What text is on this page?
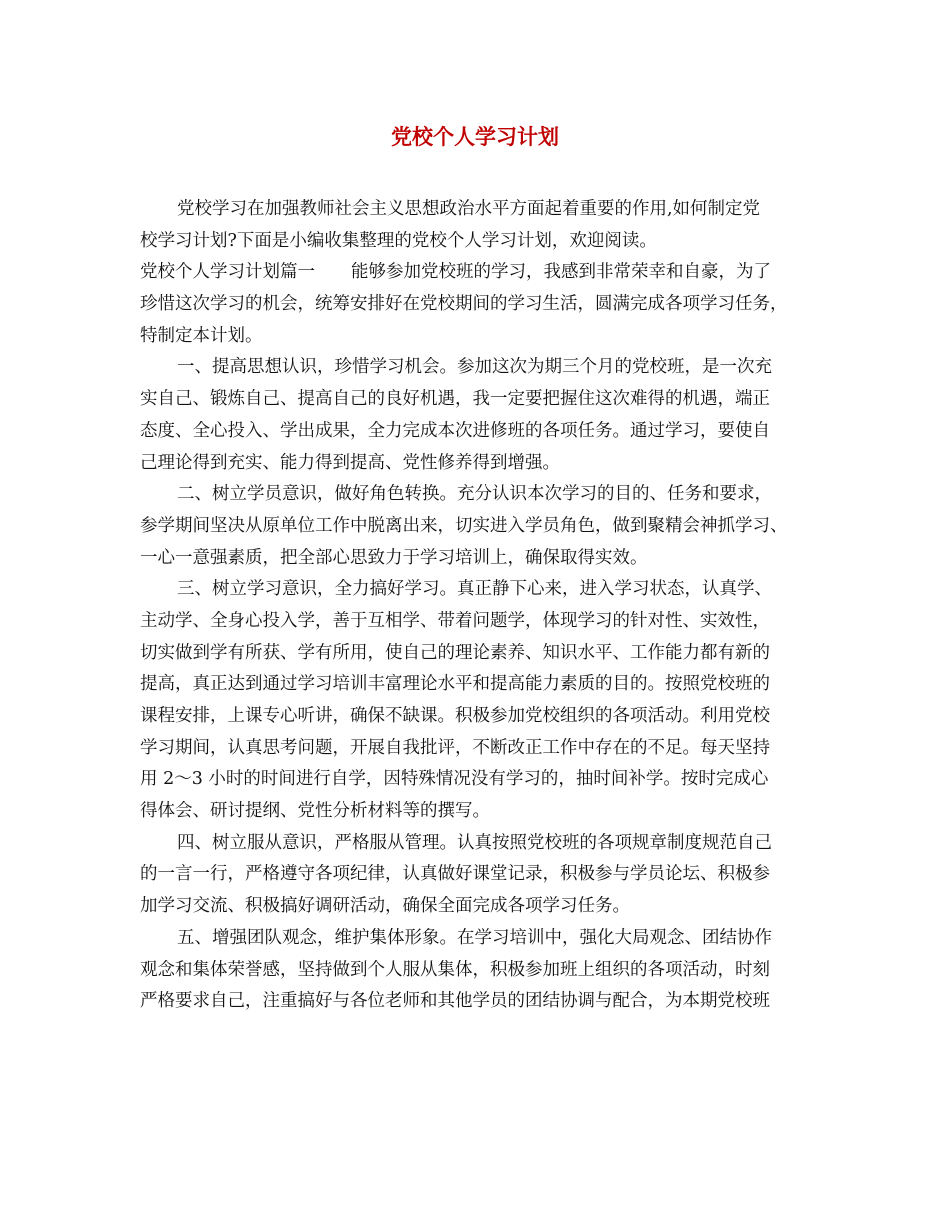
党校个人学习计划
党校学习在加强教师社会主义思想政治水平方面起着重要的作用,如何制定党
校学习计划?下面是小编收集整理的党校个人学习计划，欢迎阅读。
党校个人学习计划篇一 能够参加党校班的学习，我感到非常荣幸和自豪，为了
珍惜这次学习的机会，统筹安排好在党校期间的学习生活，圆满完成各项学习任务，
特制定本计划。
一、提高思想认识，珍惜学习机会。参加这次为期三个月的党校班，是一次充
实自己、锻炼自己、提高自己的良好机遇，我一定要把握住这次难得的机遇，端正
态度、全心投入、学出成果，全力完成本次进修班的各项任务。通过学习，要使自
己理论得到充实、能力得到提高、党性修养得到增强。
二、树立学员意识，做好角色转换。充分认识本次学习的目的、任务和要求，
参学期间坚决从原单位工作中脱离出来，切实进入学员角色，做到聚精会神抓学习、
一心一意强素质，把全部心思致力于学习培训上，确保取得实效。
三、树立学习意识，全力搞好学习。真正静下心来，进入学习状态，认真学、
主动学、全身心投入学，善于互相学、带着问题学，体现学习的针对性、实效性，
切实做到学有所获、学有所用，使自己的理论素养、知识水平、工作能力都有新的
提高，真正达到通过学习培训丰富理论水平和提高能力素质的目的。按照党校班的
课程安排，上课专心听讲，确保不缺课。积极参加党校组织的各项活动。利用党校
学习期间，认真思考问题，开展自我批评，不断改正工作中存在的不足。每天坚持
用 2～3 小时的时间进行自学，因特殊情况没有学习的，抽时间补学。按时完成心
得体会、研讨提纲、党性分析材料等的撰写。
四、树立服从意识，严格服从管理。认真按照党校班的各项规章制度规范自己
的一言一行，严格遵守各项纪律，认真做好课堂记录，积极参与学员论坛、积极参
加学习交流、积极搞好调研活动，确保全面完成各项学习任务。
五、增强团队观念，维护集体形象。在学习培训中，强化大局观念、团结协作
观念和集体荣誉感，坚持做到个人服从集体，积极参加班上组织的各项活动，时刻
严格要求自己，注重搞好与各位老师和其他学员的团结协调与配合，为本期党校班
